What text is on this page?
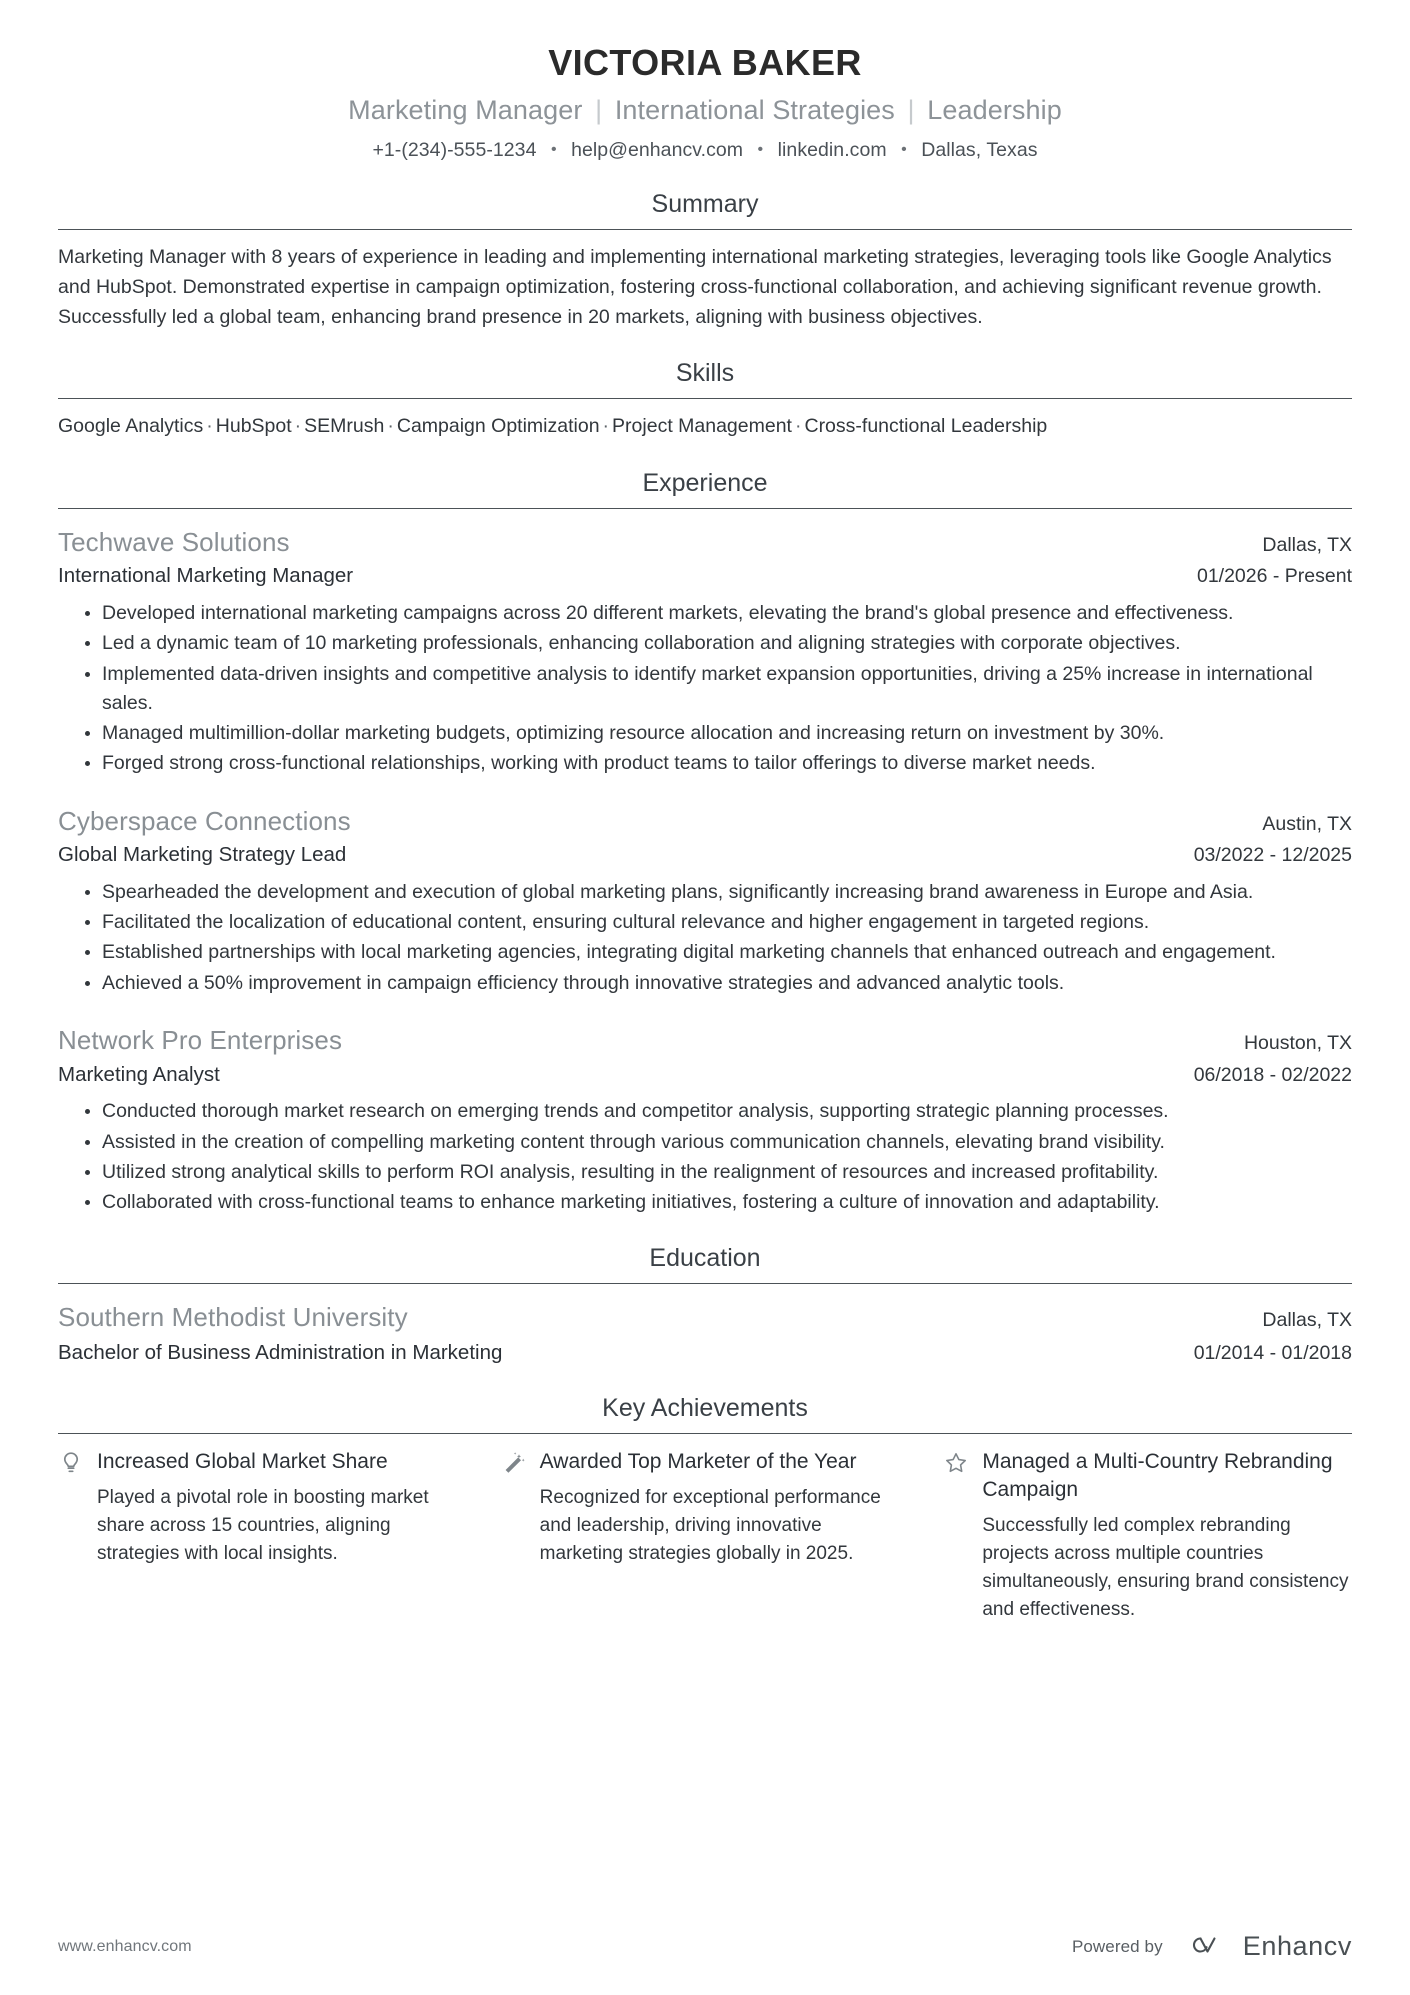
VICTORIA BAKER
Marketing Manager | International Strategies | Leadership
+1-(234)-555-1234 • help@enhancv.com • linkedin.com • Dallas, Texas
Summary
Marketing Manager with 8 years of experience in leading and implementing international marketing strategies, leveraging tools like Google Analytics and HubSpot. Demonstrated expertise in campaign optimization, fostering cross-functional collaboration, and achieving significant revenue growth. Successfully led a global team, enhancing brand presence in 20 markets, aligning with business objectives.
Skills
Google Analytics · HubSpot · SEMrush · Campaign Optimization · Project Management · Cross-functional Leadership
Experience
Techwave Solutions	Dallas, TX
International Marketing Manager	01/2026 - Present
Developed international marketing campaigns across 20 different markets, elevating the brand's global presence and effectiveness.
Led a dynamic team of 10 marketing professionals, enhancing collaboration and aligning strategies with corporate objectives.
Implemented data-driven insights and competitive analysis to identify market expansion opportunities, driving a 25% increase in international sales.
Managed multimillion-dollar marketing budgets, optimizing resource allocation and increasing return on investment by 30%.
Forged strong cross-functional relationships, working with product teams to tailor offerings to diverse market needs.
Cyberspace Connections	Austin, TX
Global Marketing Strategy Lead	03/2022 - 12/2025
Spearheaded the development and execution of global marketing plans, significantly increasing brand awareness in Europe and Asia.
Facilitated the localization of educational content, ensuring cultural relevance and higher engagement in targeted regions.
Established partnerships with local marketing agencies, integrating digital marketing channels that enhanced outreach and engagement.
Achieved a 50% improvement in campaign efficiency through innovative strategies and advanced analytic tools.
Network Pro Enterprises	Houston, TX
Marketing Analyst	06/2018 - 02/2022
Conducted thorough market research on emerging trends and competitor analysis, supporting strategic planning processes.
Assisted in the creation of compelling marketing content through various communication channels, elevating brand visibility.
Utilized strong analytical skills to perform ROI analysis, resulting in the realignment of resources and increased profitability.
Collaborated with cross-functional teams to enhance marketing initiatives, fostering a culture of innovation and adaptability.
Education
Southern Methodist University	Dallas, TX
Bachelor of Business Administration in Marketing	01/2014 - 01/2018
Key Achievements
Increased Global Market Share
Played a pivotal role in boosting market share across 15 countries, aligning strategies with local insights.
Awarded Top Marketer of the Year
Recognized for exceptional performance and leadership, driving innovative marketing strategies globally in 2025.
Managed a Multi-Country Rebranding Campaign
Successfully led complex rebranding projects across multiple countries simultaneously, ensuring brand consistency and effectiveness.
www.enhancv.com	Powered by	Enhancv
